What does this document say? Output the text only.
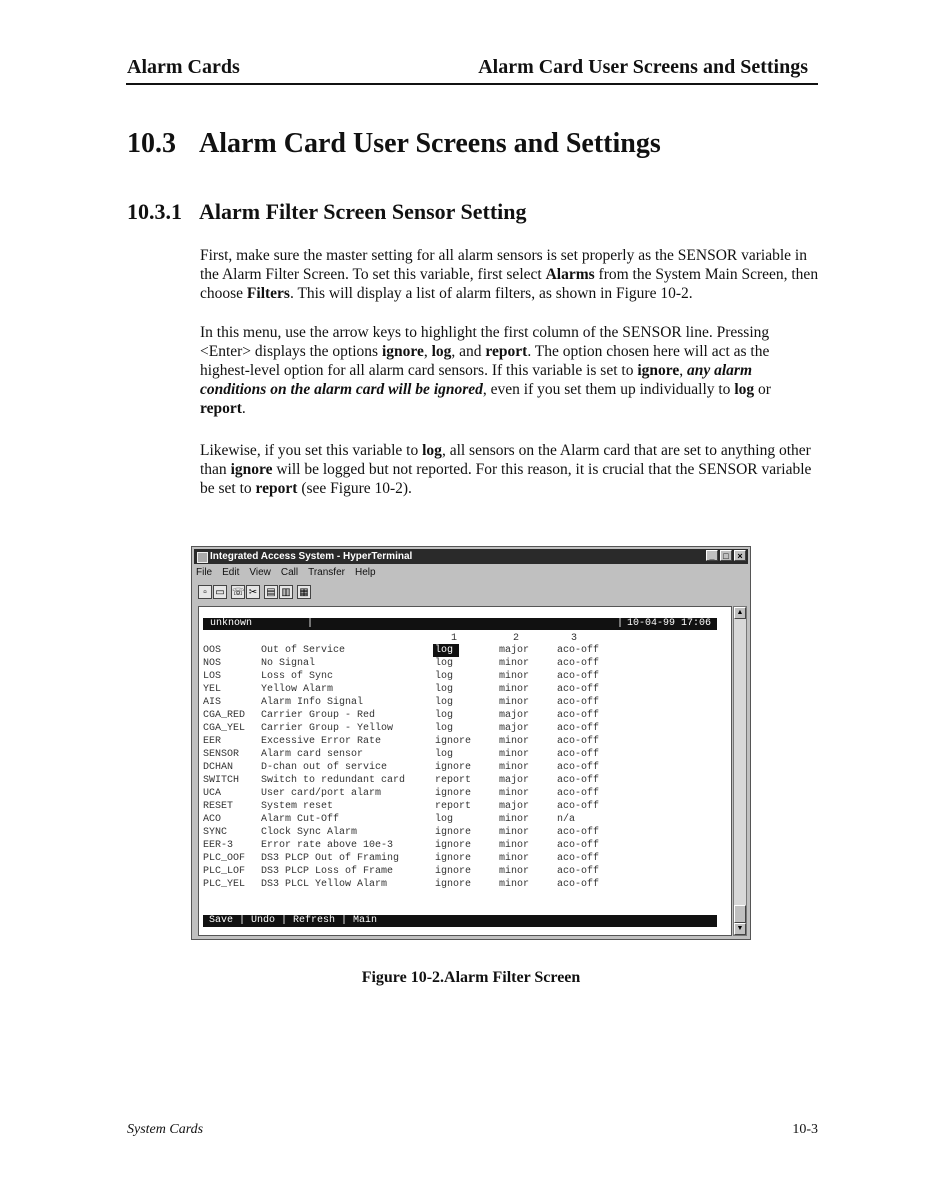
Alarm Cards	Alarm Card User Screens and Settings
10.3 Alarm Card User Screens and Settings
10.3.1 Alarm Filter Screen Sensor Setting

First, make sure the master setting for all alarm sensors is set properly as the SENSOR variable in the Alarm Filter Screen. To set this variable, first select Alarms from the System Main Screen, then choose Filters. This will display a list of alarm filters, as shown in Figure 10-2.

In this menu, use the arrow keys to highlight the first column of the SENSOR line. Pressing <Enter> displays the options ignore, log, and report. The option chosen here will act as the highest-level option for all alarm card sensors. If this variable is set to ignore, any alarm conditions on the alarm card will be ignored, even if you set them up individually to log or report.

Likewise, if you set this variable to log, all sensors on the Alarm card that are set to anything other than ignore will be logged but not reported. For this reason, it is crucial that the SENSOR variable be set to report (see Figure 10-2).

Integrated Access System - HyperTerminal	_ □ ×
File Edit View Call Transfer Help
▫ ▭ ☏ ✂ ▤ ▥ ▦
unknown	|	| 10-04-99 17:06
1	2	3
OOS	Out of Service	log	major	aco-off
NOS	No Signal	log	minor	aco-off
LOS	Loss of Sync	log	minor	aco-off
YEL	Yellow Alarm	log	minor	aco-off
AIS	Alarm Info Signal	log	minor	aco-off
CGA_RED Carrier Group - Red	log	major	aco-off
CGA_YEL Carrier Group - Yellow	log	major	aco-off
EER	Excessive Error Rate	ignore	minor	aco-off
SENSOR Alarm card sensor	log	minor	aco-off
DCHAN	D-chan out of service	ignore	minor	aco-off
SWITCH Switch to redundant card	report	major	aco-off
UCA	User card/port alarm	ignore	minor	aco-off
RESET	System reset	report	major	aco-off
ACO	Alarm Cut-Off	log	minor	n/a
SYNC	Clock Sync Alarm	ignore	minor	aco-off
EER-3	Error rate above 10e-3	ignore	minor	aco-off
PLC_OOF DS3 PLCP Out of Framing	ignore	minor	aco-off
PLC_LOF DS3 PLCP Loss of Frame	ignore	minor	aco-off
PLC_YEL DS3 PLCL Yellow Alarm	ignore	minor	aco-off
Save | Undo | Refresh | Main
▲
▼
Figure 10-2.Alarm Filter Screen
System Cards	10-3
